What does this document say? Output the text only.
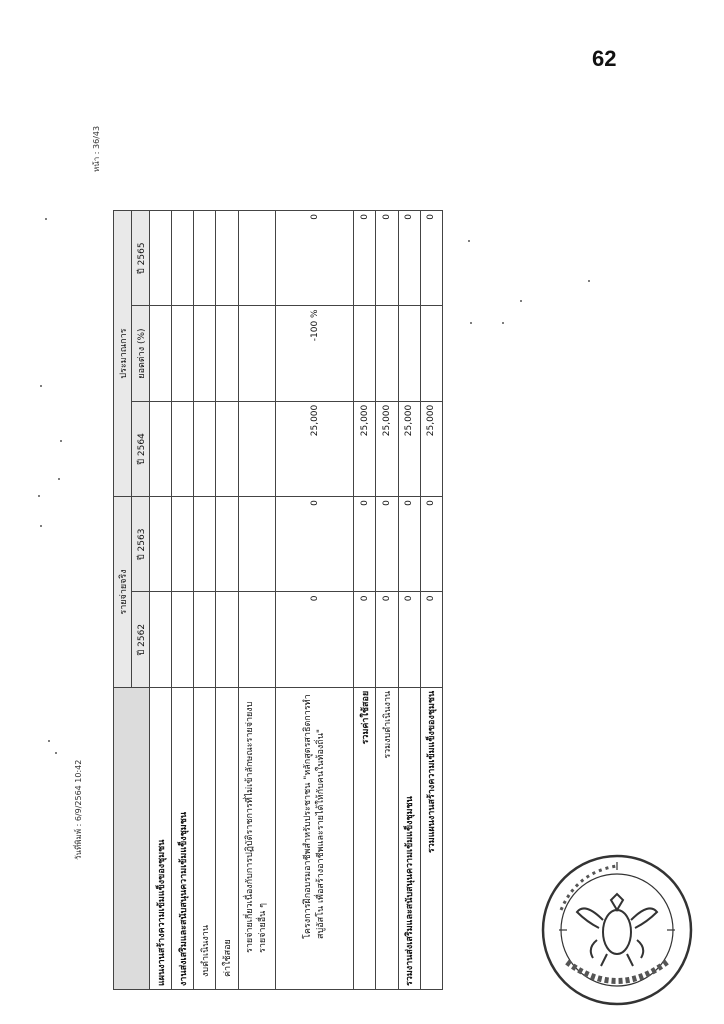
62
หน้า : 36/43
วันที่พิมพ์ : 6/9/2564 10:42
	รายจ่ายจริง		ประมาณการ		
	ปี 2562	ปี 2563	ปี 2564	ยอดต่าง (%)	ปี 2565
แผนงานสร้างความเข้มแข็งของชุมชน					
งานส่งเสริมและสนับสนุนความเข้มแข็งชุมชน					
งบดำเนินงาน					
ค่าใช้สอย					
รายจ่ายเกี่ยวเนื่องกับการปฏิบัติราชการที่ไม่เข้าลักษณะรายจ่ายงบรายจ่ายอื่น ๆ					
โครงการฝึกอบรมอาชีพสำหรับประชาชน "หลักสูตรสาธิตการทำสบู่อัสโน เพื่อสร้างอาชีพและรายได้ให้กับคนในท้องถิ่น"	0	0	25,000	-100 %	0
รวมค่าใช้สอย	0	0	25,000		0
รวมงบดำเนินงาน	0	0	25,000		0
รวมงานส่งเสริมและสนับสนุนความเข้มแข็งชุมชน	0	0	25,000		0
รวมแผนงานสร้างความเข้มแข็งของชุมชน	0	0	25,000		0
